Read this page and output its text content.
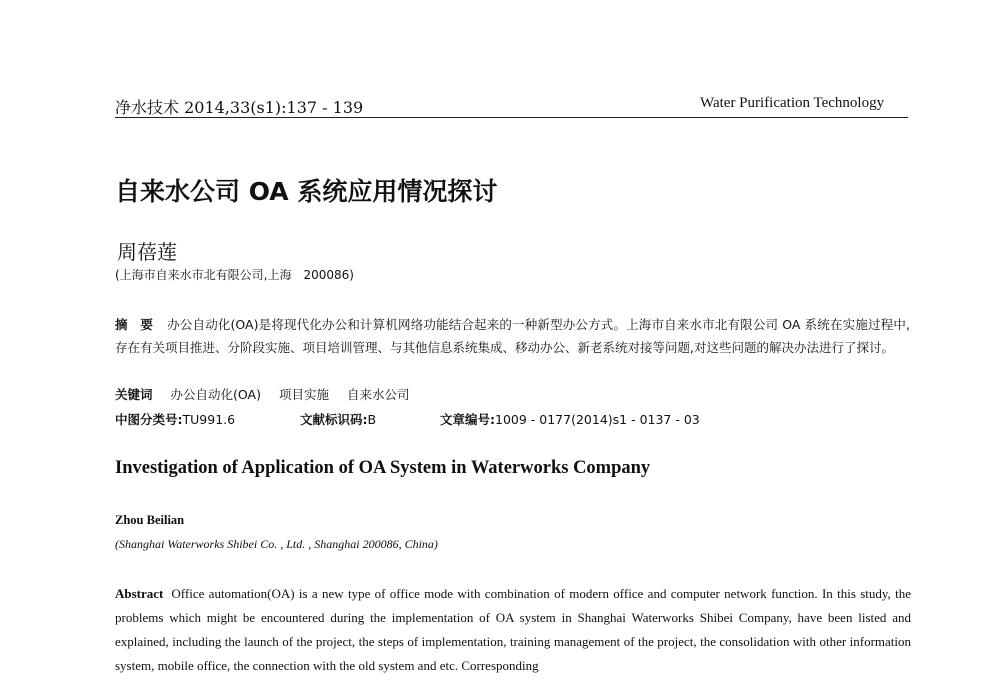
净水技术 2014,33(s1):137 - 139	Water Purification Technology
自来水公司 OA 系统应用情况探讨
周蓓莲
(上海市自来水市北有限公司,上海　200086)
摘　要 办公自动化(OA)是将现代化办公和计算机网络功能结合起来的一种新型办公方式。上海市自来水市北有限公司 OA 系统在实施过程中,存在有关项目推进、分阶段实施、项目培训管理、与其他信息系统集成、移动办公、新老系统对接等问题,对这些问题的解决办法进行了探讨。
关键词 办公自动化(OA) 项目实施 自来水公司
中图分类号:TU991.6	文献标识码:B	文章编号:1009 - 0177(2014)s1 - 0137 - 03
Investigation of Application of OA System in Waterworks Company
Zhou Beilian
(Shanghai Waterworks Shibei Co. , Ltd. , Shanghai 200086, China)
Abstract Office automation(OA) is a new type of office mode with combination of modern office and computer network function. In this study, the problems which might be encountered during the implementation of OA system in Shanghai Waterworks Shibei Company, have been listed and explained, including the launch of the project, the steps of implementation, training management of the project, the consolidation with other information system, mobile office, the connection with the old system and etc. Corresponding
